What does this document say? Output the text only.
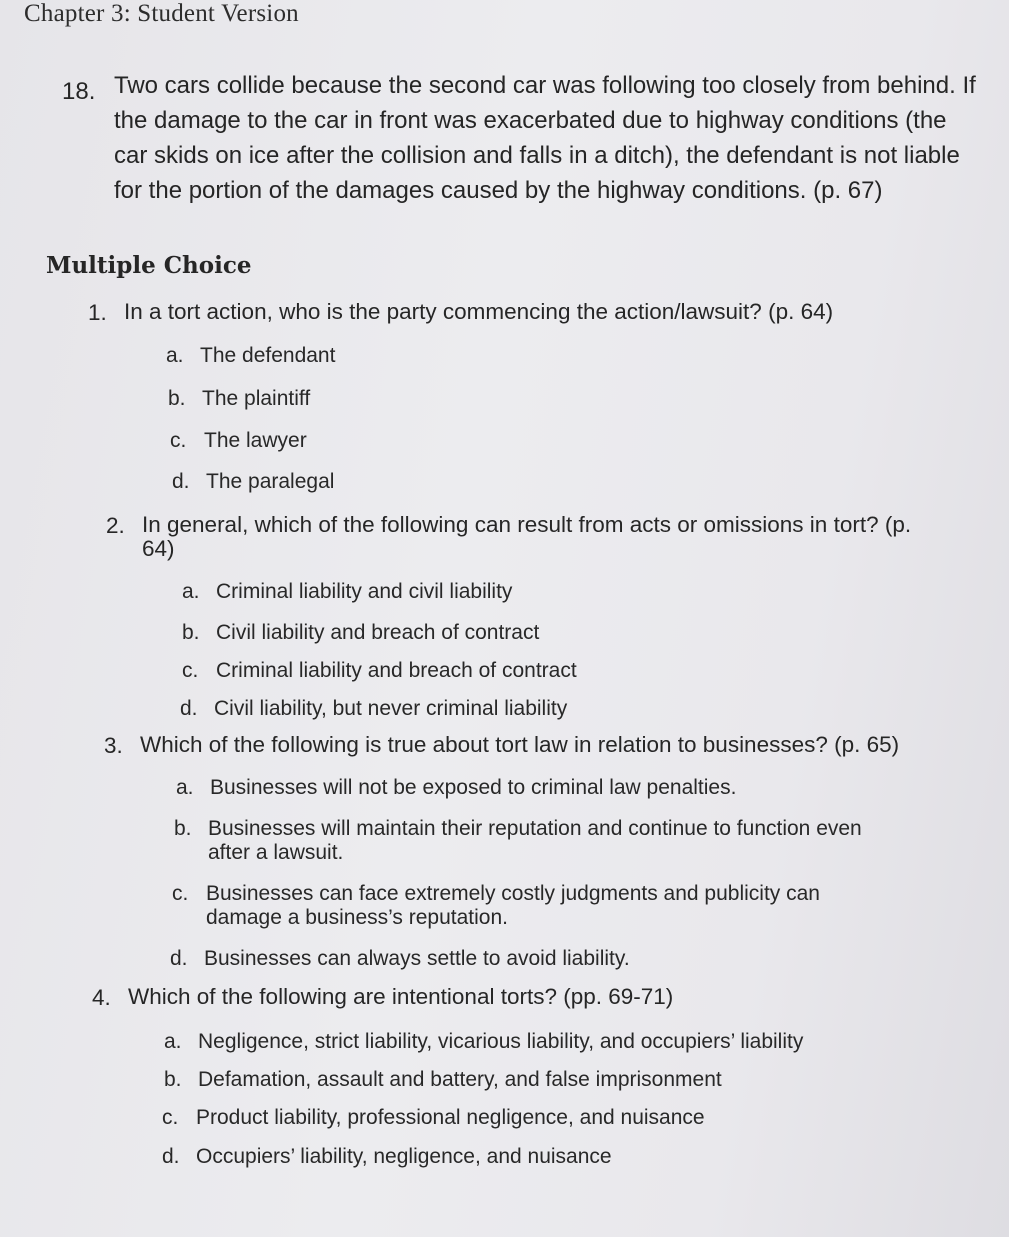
Chapter 3: Student Version
18. Two cars collide because the second car was following too closely from behind. If the damage to the car in front was exacerbated due to highway conditions (the car skids on ice after the collision and falls in a ditch), the defendant is not liable for the portion of the damages caused by the highway conditions. (p. 67)
Multiple Choice
1. In a tort action, who is the party commencing the action/lawsuit? (p. 64)
a. The defendant
b. The plaintiff
c. The lawyer
d. The paralegal
2. In general, which of the following can result from acts or omissions in tort? (p. 64)
a. Criminal liability and civil liability
b. Civil liability and breach of contract
c. Criminal liability and breach of contract
d. Civil liability, but never criminal liability
3. Which of the following is true about tort law in relation to businesses? (p. 65)
a. Businesses will not be exposed to criminal law penalties.
b. Businesses will maintain their reputation and continue to function even after a lawsuit.
c. Businesses can face extremely costly judgments and publicity can damage a business’s reputation.
d. Businesses can always settle to avoid liability.
4. Which of the following are intentional torts? (pp. 69-71)
a. Negligence, strict liability, vicarious liability, and occupiers’ liability
b. Defamation, assault and battery, and false imprisonment
c. Product liability, professional negligence, and nuisance
d. Occupiers’ liability, negligence, and nuisance
